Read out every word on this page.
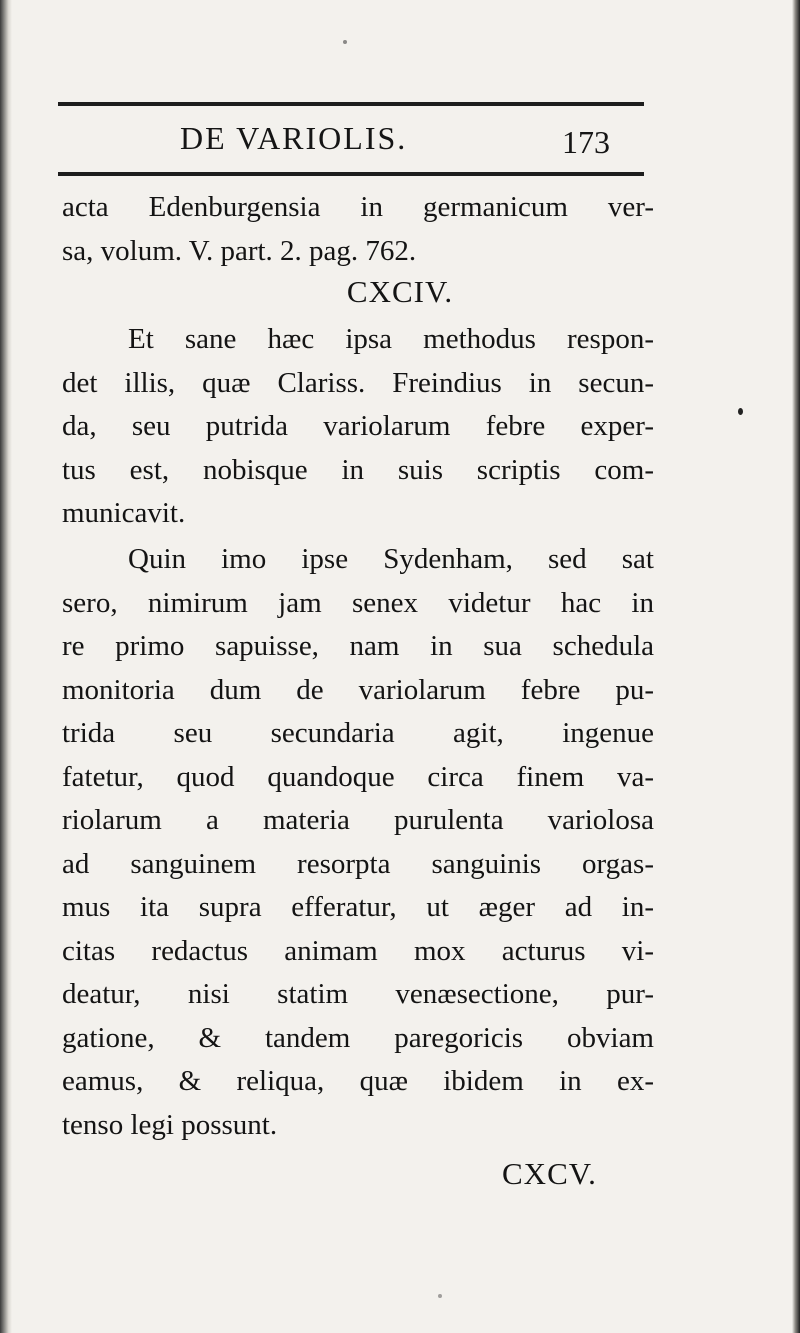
DE VARIOLIS.	173
acta Edenburgensia in germanicum ver-
sa, volum. V. part. 2. pag. 762.
CXCIV.
Et sane hæc ipsa methodus respon-
det illis, quæ Clariss. Freindius in secun-
da, seu putrida variolarum febre exper-
tus est, nobisque in suis scriptis com-
municavit.
Quin imo ipse Sydenham, sed sat
sero, nimirum jam senex videtur hac in
re primo sapuisse, nam in sua schedula
monitoria dum de variolarum febre pu-
trida seu secundaria agit, ingenue
fatetur, quod quandoque circa finem va-
riolarum a materia purulenta variolosa
ad sanguinem resorpta sanguinis orgas-
mus ita supra efferatur, ut æger ad in-
citas redactus animam mox acturus vi-
deatur, nisi statim venæsectione, pur-
gatione, & tandem paregoricis obviam
eamus, & reliqua, quæ ibidem in ex-
tenso legi possunt.
CXCV.
